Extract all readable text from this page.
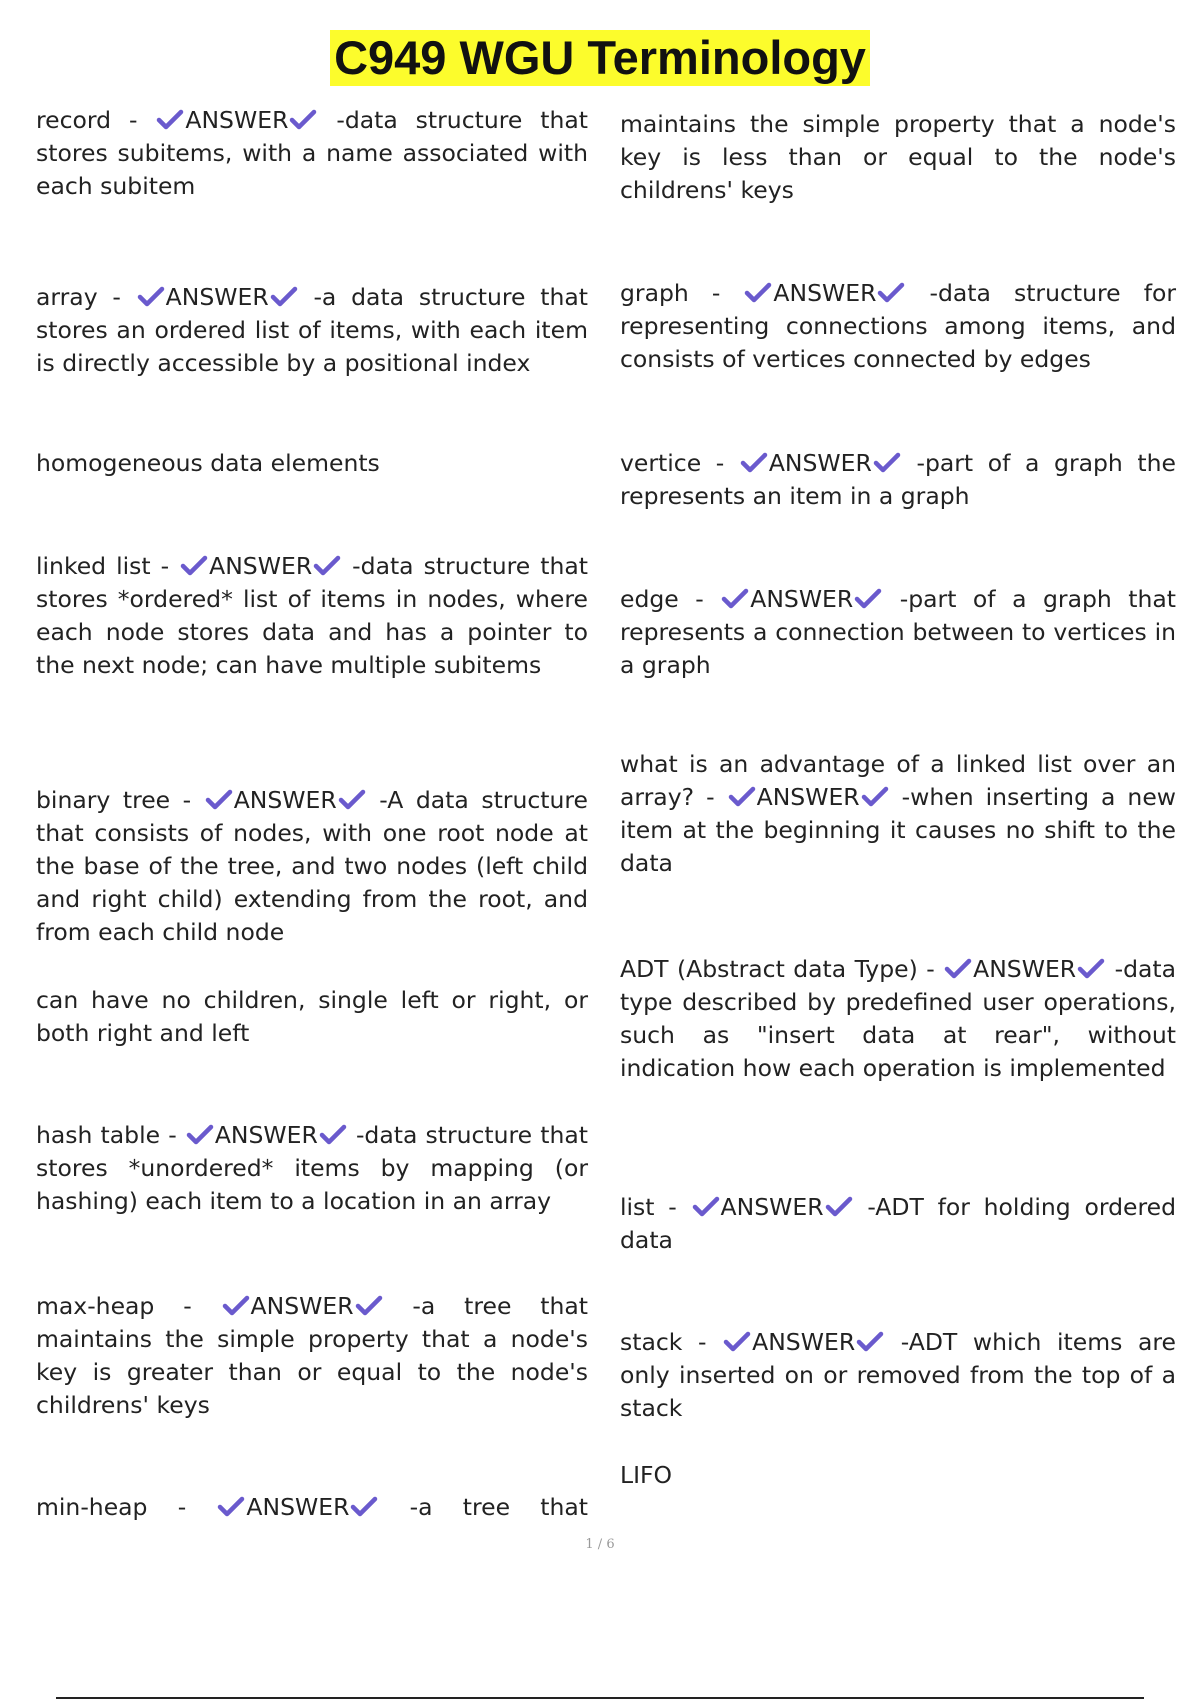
C949 WGU Terminology

record -
ANSWER
-data structure that stores subitems, with a name associated with each subitem

array -
ANSWER
-a data structure that stores an ordered list of items, with each item is directly accessible by a positional index

homogeneous data elements

linked list -
ANSWER
-data structure that stores *ordered* list of items in nodes, where each node stores data and has a pointer to the next node; can have multiple subitems

binary tree -
ANSWER
-A data structure that consists of nodes, with one root node at the base of the tree, and two nodes (left child and right child) extending from the root, and from each child node

can have no children, single left or right, or both right and left

hash table -
ANSWER
-data structure that stores *unordered* items by mapping (or hashing) each item to a location in an array

max-heap -
ANSWER
-a tree that maintains the simple property that a node's key is greater than or equal to the node's childrens' keys

min-heap -
ANSWER
-a tree that

maintains the simple property that a node's key is less than or equal to the node's childrens' keys

graph -
ANSWER
-data structure for representing connections among items, and consists of vertices connected by edges

vertice -
ANSWER
-part of a graph the represents an item in a graph

edge -
ANSWER
-part of a graph that represents a connection between to vertices in a graph

what is an advantage of a linked list over an array? -
ANSWER
-when inserting a new item at the beginning it causes no shift to the data

ADT (Abstract data Type) -
ANSWER
-data type described by predefined user operations, such as "insert data at rear", without indication how each operation is implemented

list -
ANSWER
-ADT for holding ordered data

stack -
ANSWER
-ADT which items are only inserted on or removed from the top of a stack

LIFO

1 / 6
